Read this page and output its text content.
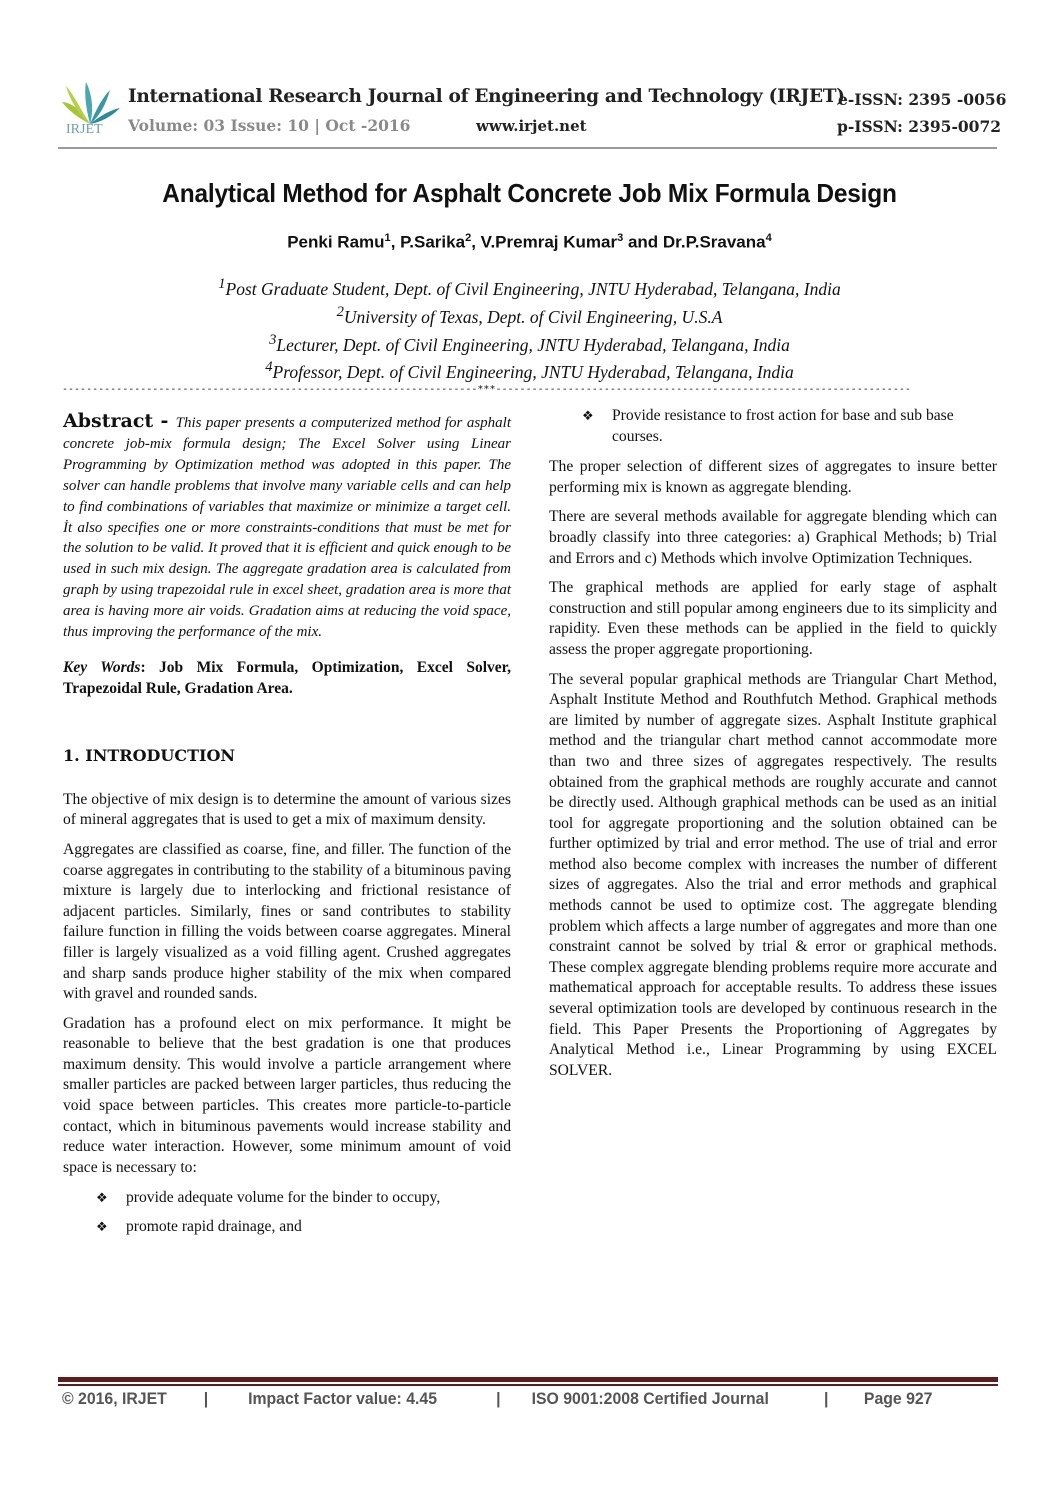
IRJET
International Research Journal of Engineering and Technology (IRJET)
Volume: 03 Issue: 10 | Oct -2016	www.irjet.net
e-ISSN: 2395 -0056
p-ISSN: 2395-0072
Analytical Method for Asphalt Concrete Job Mix Formula Design
Penki Ramu$^1$, P.Sarika$^2$, V.Premraj Kumar$^3$ and Dr.P.Sravana$^4$
$^1$Post Graduate Student, Dept. of Civil Engineering, JNTU Hyderabad, Telangana, India
$^2$University of Texas, Dept. of Civil Engineering, U.S.A
$^3$Lecturer, Dept. of Civil Engineering, JNTU Hyderabad, Telangana, India
$^4$Professor, Dept. of Civil Engineering, JNTU Hyderabad, Telangana, India
---------------------------------------------------------------------***---------------------------------------------------------------------

Abstract - This paper presents a computerized method for asphalt concrete job-mix formula design; The Excel Solver using Linear Programming by Optimization method was adopted in this paper. The solver can handle problems that involve many variable cells and can help to find combinations of variables that maximize or minimize a target cell. İt also specifies one or more constraints-conditions that must be met for the solution to be valid. It proved that it is efficient and quick enough to be used in such mix design. The aggregate gradation area is calculated from graph by using trapezoidal rule in excel sheet, gradation area is more that area is having more air voids. Gradation aims at reducing the void space, thus improving the performance of the mix.

Key Words: Job Mix Formula, Optimization, Excel Solver, Trapezoidal Rule, Gradation Area.

1. INTRODUCTION

The objective of mix design is to determine the amount of various sizes of mineral aggregates that is used to get a mix of maximum density.

Aggregates are classified as coarse, fine, and filler. The function of the coarse aggregates in contributing to the stability of a bituminous paving mixture is largely due to interlocking and frictional resistance of adjacent particles. Similarly, fines or sand contributes to stability failure function in filling the voids between coarse aggregates. Mineral filler is largely visualized as a void filling agent. Crushed aggregates and sharp sands produce higher stability of the mix when compared with gravel and rounded sands.

Gradation has a profound elect on mix performance. It might be reasonable to believe that the best gradation is one that produces maximum density. This would involve a particle arrangement where smaller particles are packed between larger particles, thus reducing the void space between particles. This creates more particle-to-particle contact, which in bituminous pavements would increase stability and reduce water interaction. However, some minimum amount of void space is necessary to:

❖ provide adequate volume for the binder to occupy,
❖ promote rapid drainage, and
❖ Provide resistance to frost action for base and sub base courses.

The proper selection of different sizes of aggregates to insure better performing mix is known as aggregate blending.

There are several methods available for aggregate blending which can broadly classify into three categories: a) Graphical Methods; b) Trial and Errors and c) Methods which involve Optimization Techniques.

The graphical methods are applied for early stage of asphalt construction and still popular among engineers due to its simplicity and rapidity. Even these methods can be applied in the field to quickly assess the proper aggregate proportioning.

The several popular graphical methods are Triangular Chart Method, Asphalt Institute Method and Routhfutch Method. Graphical methods are limited by number of aggregate sizes. Asphalt Institute graphical method and the triangular chart method cannot accommodate more than two and three sizes of aggregates respectively. The results obtained from the graphical methods are roughly accurate and cannot be directly used. Although graphical methods can be used as an initial tool for aggregate proportioning and the solution obtained can be further optimized by trial and error method. The use of trial and error method also become complex with increases the number of different sizes of aggregates. Also the trial and error methods and graphical methods cannot be used to optimize cost. The aggregate blending problem which affects a large number of aggregates and more than one constraint cannot be solved by trial & error or graphical methods. These complex aggregate blending problems require more accurate and mathematical approach for acceptable results. To address these issues several optimization tools are developed by continuous research in the field. This Paper Presents the Proportioning of Aggregates by Analytical Method i.e., Linear Programming by using EXCEL SOLVER.

© 2016, IRJET	|	Impact Factor value: 4.45	|	ISO 9001:2008 Certified Journal	|	Page 927
